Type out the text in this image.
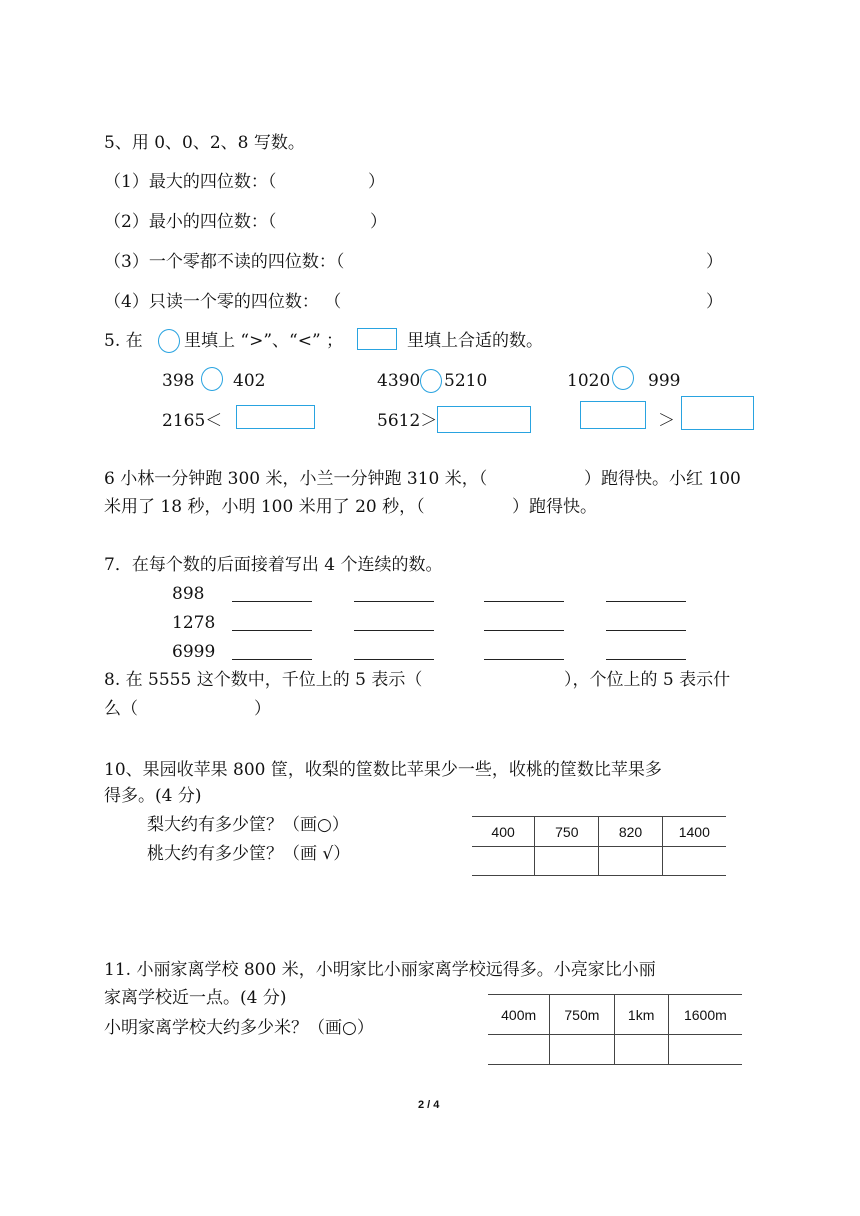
5、用 0、0、2、8 写数。
（1）最大的四位数：（	）
（2）最小的四位数：（	）
（3）一个零都不读的四位数：（	）
（4）只读一个零的四位数： （	）
5. 在 里填上 “>”、“<” ；	里填上合适的数。
398 402	4390 5210	1020 999
2165＜	5612＞	＞
6 小林一分钟跑 300 米，小兰一分钟跑 310 米，（	）跑得快。小红 100
米用了 18 秒，小明 100 米用了 20 秒，（	）跑得快。
7．在每个数的后面接着写出 4 个连续的数。
898
1278
6999
8. 在 5555 这个数中，千位上的 5 表示（	），个位上的 5 表示什
么（	）
10、果园收苹果 800 筐，收梨的筐数比苹果少一些，收桃的筐数比苹果多
得多。(4 分)
梨大约有多少筐？（画○）
桃大约有多少筐？（画 √）
400	750	820	1400

11. 小丽家离学校 800 米，小明家比小丽家离学校远得多。小亮家比小丽
家离学校近一点。(4 分)
小明家离学校大约多少米？（画○）
400m	750m	1km	1600m

2 / 4
